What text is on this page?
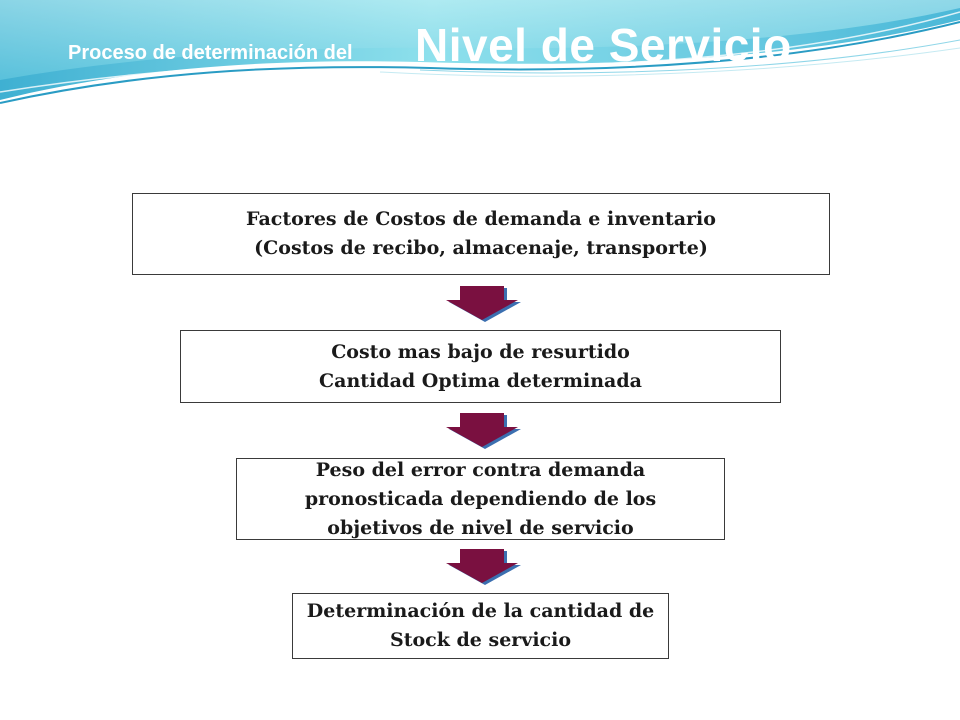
Proceso de determinación del Nivel de Servicio
Factores de Costos de demanda e inventario
(Costos de recibo, almacenaje, transporte)
Costo mas bajo de resurtido
Cantidad Optima determinada
Peso del error contra demanda
pronosticada dependiendo de los
objetivos de nivel de servicio
Determinación de la cantidad de
Stock de servicio
